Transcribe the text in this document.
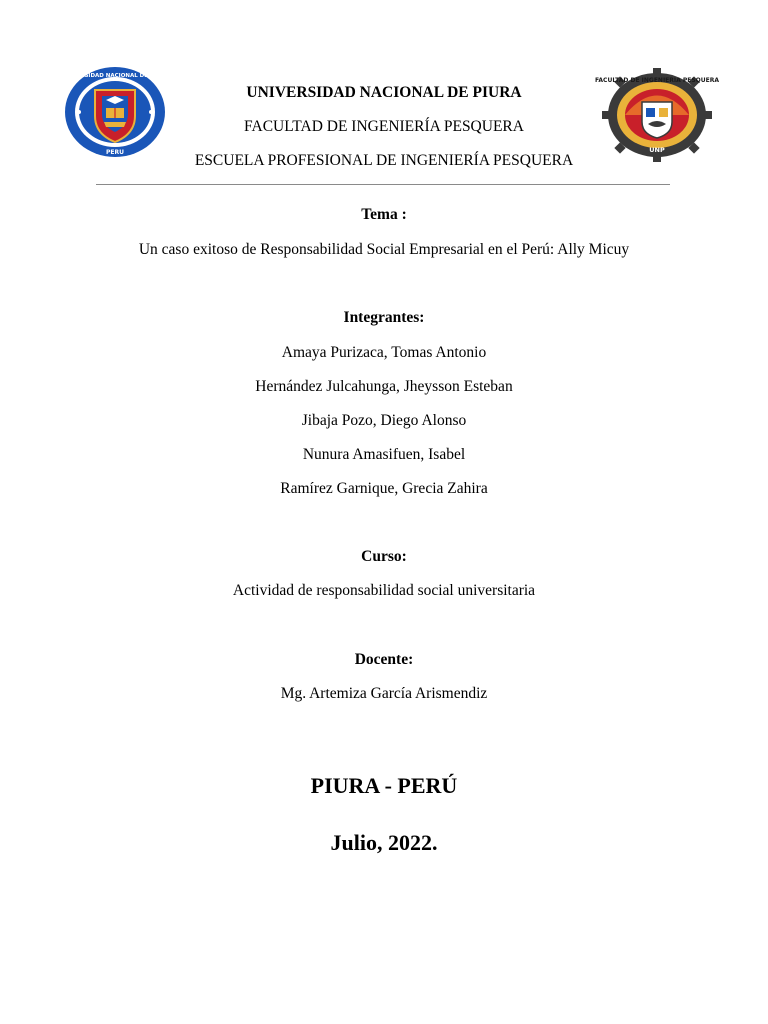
UNIVERSIDAD NACIONAL DE PIURA
PERU
FACULTAD DE INGENIERIA PESQUERA
UNP
UNIVERSIDAD NACIONAL DE PIURA
FACULTAD DE INGENIERÍA PESQUERA
ESCUELA PROFESIONAL DE INGENIERÍA PESQUERA
Tema :
Un caso exitoso de Responsabilidad Social Empresarial en el Perú: Ally Micuy
Integrantes:
Amaya Purizaca, Tomas Antonio
Hernández Julcahunga, Jheysson Esteban
Jibaja Pozo, Diego Alonso
Nunura Amasifuen, Isabel
Ramírez Garnique, Grecia Zahira
Curso:
Actividad de responsabilidad social universitaria
Docente:
Mg. Artemiza García Arismendiz
PIURA - PERÚ
Julio, 2022.
